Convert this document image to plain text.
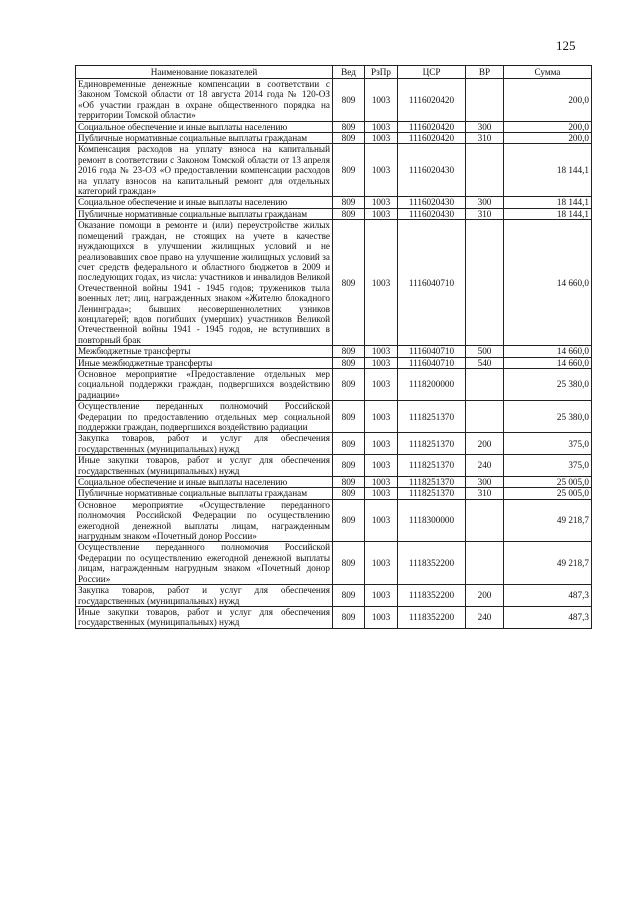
125
Наименование показателей	Вед	РзПр	ЦСР	ВР	Сумма
Единовременные денежные компенсации в соответствии с Законом Томской области от 18 августа 2014 года № 120-ОЗ «Об участии граждан в охране общественного порядка на территории Томской области»	809	1003	1116020420		200,0
Социальное обеспечение и иные выплаты населению	809	1003	1116020420	300	200,0
Публичные нормативные социальные выплаты гражданам	809	1003	1116020420	310	200,0
Компенсация расходов на уплату взноса на капитальный ремонт в соответствии с Законом Томской области от 13 апреля 2016 года № 23-ОЗ «О предоставлении компенсации расходов на уплату взносов на капитальный ремонт для отдельных категорий граждан»	809	1003	1116020430		18 144,1
Социальное обеспечение и иные выплаты населению	809	1003	1116020430	300	18 144,1
Публичные нормативные социальные выплаты гражданам	809	1003	1116020430	310	18 144,1
Оказание помощи в ремонте и (или) переустройстве жилых помещений граждан, не стоящих на учете в качестве нуждающихся в улучшении жилищных условий и не реализовавших свое право на улучшение жилищных условий за счет средств федерального и областного бюджетов в 2009 и последующих годах, из числа: участников и инвалидов Великой Отечественной войны 1941 - 1945 годов; тружеников тыла военных лет; лиц, награжденных знаком «Жителю блокадного Ленинграда»; бывших несовершеннолетних узников концлагерей; вдов погибших (умерших) участников Великой Отечественной войны 1941 - 1945 годов, не вступивших в повторный брак	809	1003	1116040710		14 660,0
Межбюджетные трансферты	809	1003	1116040710	500	14 660,0
Иные межбюджетные трансферты	809	1003	1116040710	540	14 660,0
Основное мероприятие «Предоставление отдельных мер социальной поддержки граждан, подвергшихся воздействию радиации»	809	1003	1118200000		25 380,0
Осуществление переданных полномочий Российской Федерации по предоставлению отдельных мер социальной поддержки граждан, подвергшихся воздействию радиации	809	1003	1118251370		25 380,0
Закупка товаров, работ и услуг для обеспечения государственных (муниципальных) нужд	809	1003	1118251370	200	375,0
Иные закупки товаров, работ и услуг для обеспечения государственных (муниципальных) нужд	809	1003	1118251370	240	375,0
Социальное обеспечение и иные выплаты населению	809	1003	1118251370	300	25 005,0
Публичные нормативные социальные выплаты гражданам	809	1003	1118251370	310	25 005,0
Основное мероприятие «Осуществление переданного полномочия Российской Федерации по осуществлению ежегодной денежной выплаты лицам, награжденным нагрудным знаком «Почетный донор России»	809	1003	1118300000		49 218,7
Осуществление переданного полномочия Российской Федерации по осуществлению ежегодной денежной выплаты лицам, награжденным нагрудным знаком «Почетный донор России»	809	1003	1118352200		49 218,7
Закупка товаров, работ и услуг для обеспечения государственных (муниципальных) нужд	809	1003	1118352200	200	487,3
Иные закупки товаров, работ и услуг для обеспечения государственных (муниципальных) нужд	809	1003	1118352200	240	487,3
